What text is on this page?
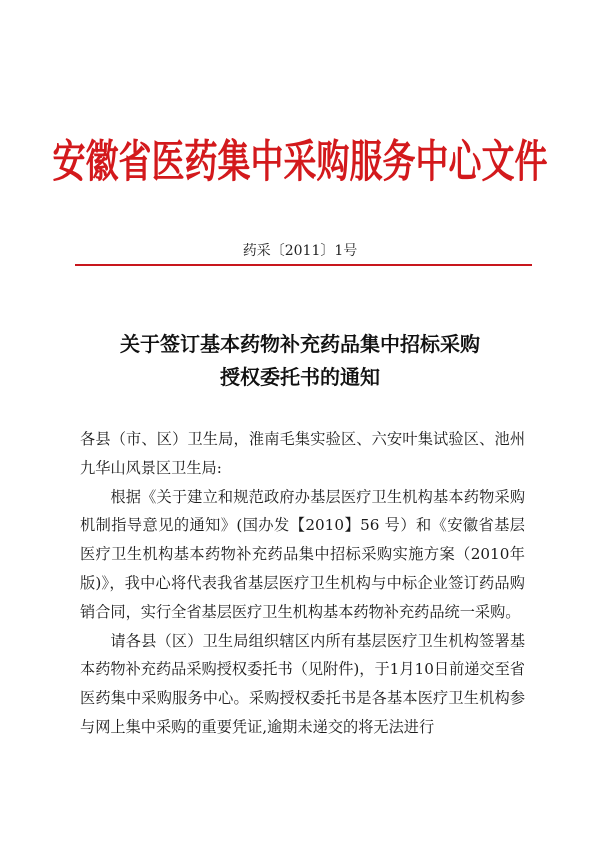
安徽省医药集中采购服务中心文件
药采〔2011〕1号
关于签订基本药物补充药品集中招标采购
授权委托书的通知

各县（市、区）卫生局，淮南毛集实验区、六安叶集试验区、池州九华山风景区卫生局:

根据《关于建立和规范政府办基层医疗卫生机构基本药物采购机制指导意见的通知》(国办发【2010】56 号）和《安徽省基层医疗卫生机构基本药物补充药品集中招标采购实施方案（2010年版)》，我中心将代表我省基层医疗卫生机构与中标企业签订药品购销合同，实行全省基层医疗卫生机构基本药物补充药品统一采购。

请各县（区）卫生局组织辖区内所有基层医疗卫生机构签署基本药物补充药品采购授权委托书（见附件)，于1月10日前递交至省医药集中采购服务中心。采购授权委托书是各基本医疗卫生机构参与网上集中采购的重要凭证,逾期未递交的将无法进行
